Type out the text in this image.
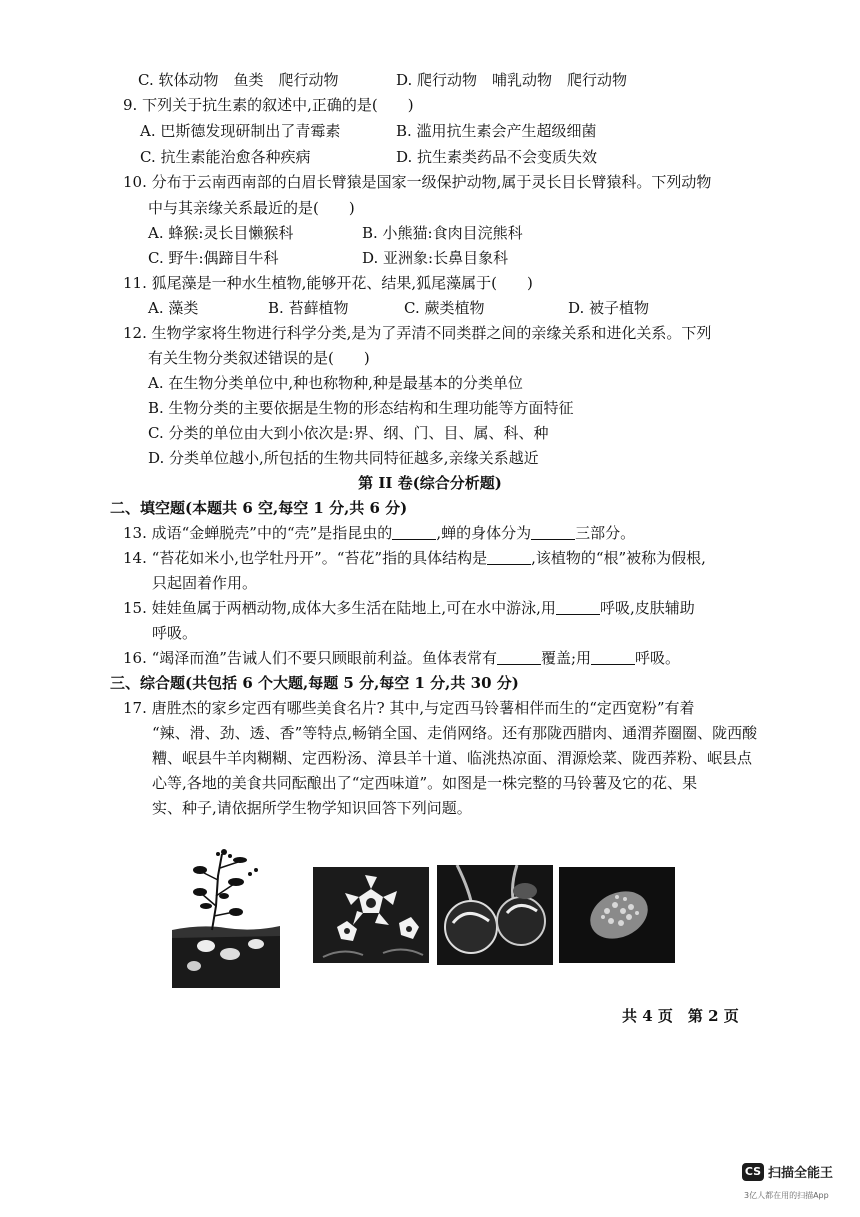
C. 软体动物　鱼类　爬行动物	D. 爬行动物　哺乳动物　爬行动物
9. 下列关于抗生素的叙述中,正确的是(　　)
A. 巴斯德发现研制出了青霉素	B. 滥用抗生素会产生超级细菌
C. 抗生素能治愈各种疾病	D. 抗生素类药品不会变质失效
10. 分布于云南西南部的白眉长臂猿是国家一级保护动物,属于灵长目长臂猿科。下列动物
中与其亲缘关系最近的是(　　)
A. 蜂猴:灵长目懒猴科	B. 小熊猫:食肉目浣熊科
C. 野牛:偶蹄目牛科	D. 亚洲象:长鼻目象科
11. 狐尾藻是一种水生植物,能够开花、结果,狐尾藻属于(　　)
A. 藻类	B. 苔藓植物	C. 蕨类植物	D. 被子植物
12. 生物学家将生物进行科学分类,是为了弄清不同类群之间的亲缘关系和进化关系。下列
有关生物分类叙述错误的是(　　)
A. 在生物分类单位中,种也称物种,种是最基本的分类单位
B. 生物分类的主要依据是生物的形态结构和生理功能等方面特征
C. 分类的单位由大到小依次是:界、纲、门、目、属、科、种
D. 分类单位越小,所包括的生物共同特征越多,亲缘关系越近
第 II 卷(综合分析题)
二、填空题(本题共 6 空,每空 1 分,共 6 分)
13. 成语“金蝉脱壳”中的“壳”是指昆虫的	,蝉的身体分为	三部分。
14. “苔花如米小,也学牡丹开”。“苔花”指的具体结构是	,该植物的“根”被称为假根,
只起固着作用。
15. 娃娃鱼属于两栖动物,成体大多生活在陆地上,可在水中游泳,用	呼吸,皮肤辅助
呼吸。
16. “竭泽而渔”告诫人们不要只顾眼前利益。鱼体表常有	覆盖;用	呼吸。
三、综合题(共包括 6 个大题,每题 5 分,每空 1 分,共 30 分)
17. 唐胜杰的家乡定西有哪些美食名片? 其中,与定西马铃薯相伴而生的“定西宽粉”有着
“辣、滑、劲、透、香”等特点,畅销全国、走俏网络。还有那陇西腊肉、通渭荞圈圈、陇西酸
糟、岷县牛羊肉糊糊、定西粉汤、漳县羊十道、临洮热凉面、渭源烩菜、陇西荞粉、岷县点
心等,各地的美食共同酝酿出了“定西味道”。如图是一株完整的马铃薯及它的花、果
实、种子,请依据所学生物学知识回答下列问题。
共 4 页　第 2 页
CS 扫描全能王
3亿人都在用的扫描App
